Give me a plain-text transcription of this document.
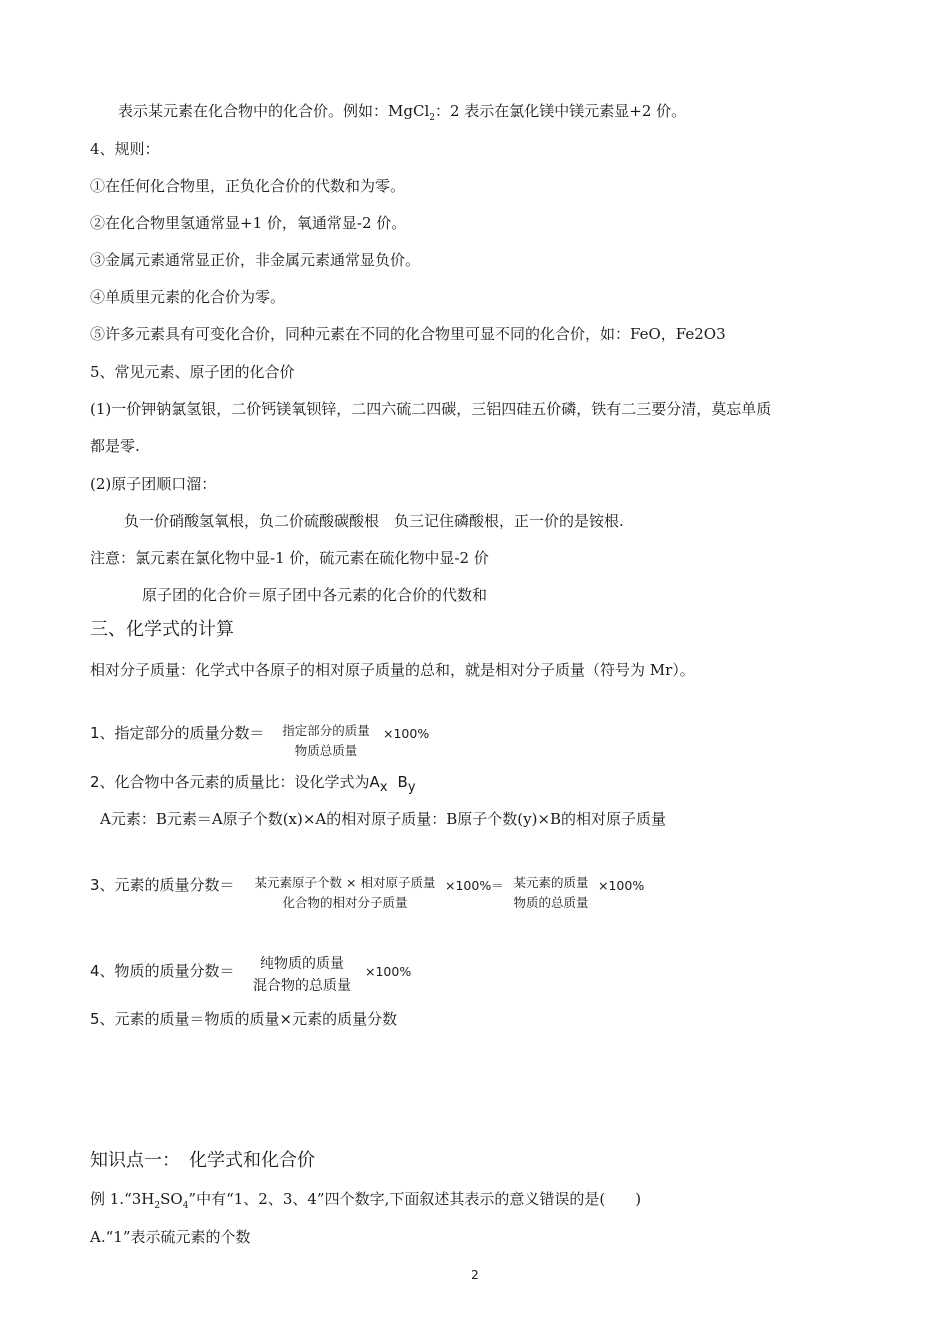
表示某元素在化合物中的化合价。例如：MgCl$_2$：2 表示在氯化镁中镁元素显+2 价。
4、规则：
①在任何化合物里，正负化合价的代数和为零。
②在化合物里氢通常显+1 价，氧通常显-2 价。
③金属元素通常显正价，非金属元素通常显负价。
④单质里元素的化合价为零。
⑤许多元素具有可变化合价，同种元素在不同的化合物里可显不同的化合价，如：FeO，Fe2O3
5、常见元素、原子团的化合价
(1)一价钾钠氯氢银，二价钙镁氧钡锌，二四六硫二四碳，三铝四硅五价磷，铁有二三要分清，莫忘单质
都是零.
(2)原子团顺口溜：
负一价硝酸氢氧根，负二价硫酸碳酸根　负三记住磷酸根，正一价的是铵根.
注意：氯元素在氯化物中显-1 价，硫元素在硫化物中显-2 价
原子团的化合价＝原子团中各元素的化合价的代数和
三、化学式的计算
相对分子质量：化学式中各原子的相对原子质量的总和，就是相对分子质量（符号为 Mr）。
1、指定部分的质量分数＝	指定部分的质量
物质总质量
×100%
2、化合物中各元素的质量比：设化学式为$A_x$ $B_y$
A元素：B元素＝A原子个数(x)×A的相对原子质量：B原子个数(y)×B的相对原子质量
3、元素的质量分数＝	某元素原子个数 × 相对原子质量
化合物的相对分子质量
×100%＝ 某元素的质量
物质的总质量
×100%
4、物质的质量分数＝	纯物质的质量
混合物的总质量
×100%
5、元素的质量＝物质的质量×元素的质量分数
知识点一：　化学式和化合价
例 $1.“3H_2SO_4$”中有“1、2、3、4”四个数字,下面叙述其表示的意义错误的是(　　)
A.“1”表示硫元素的个数
2
